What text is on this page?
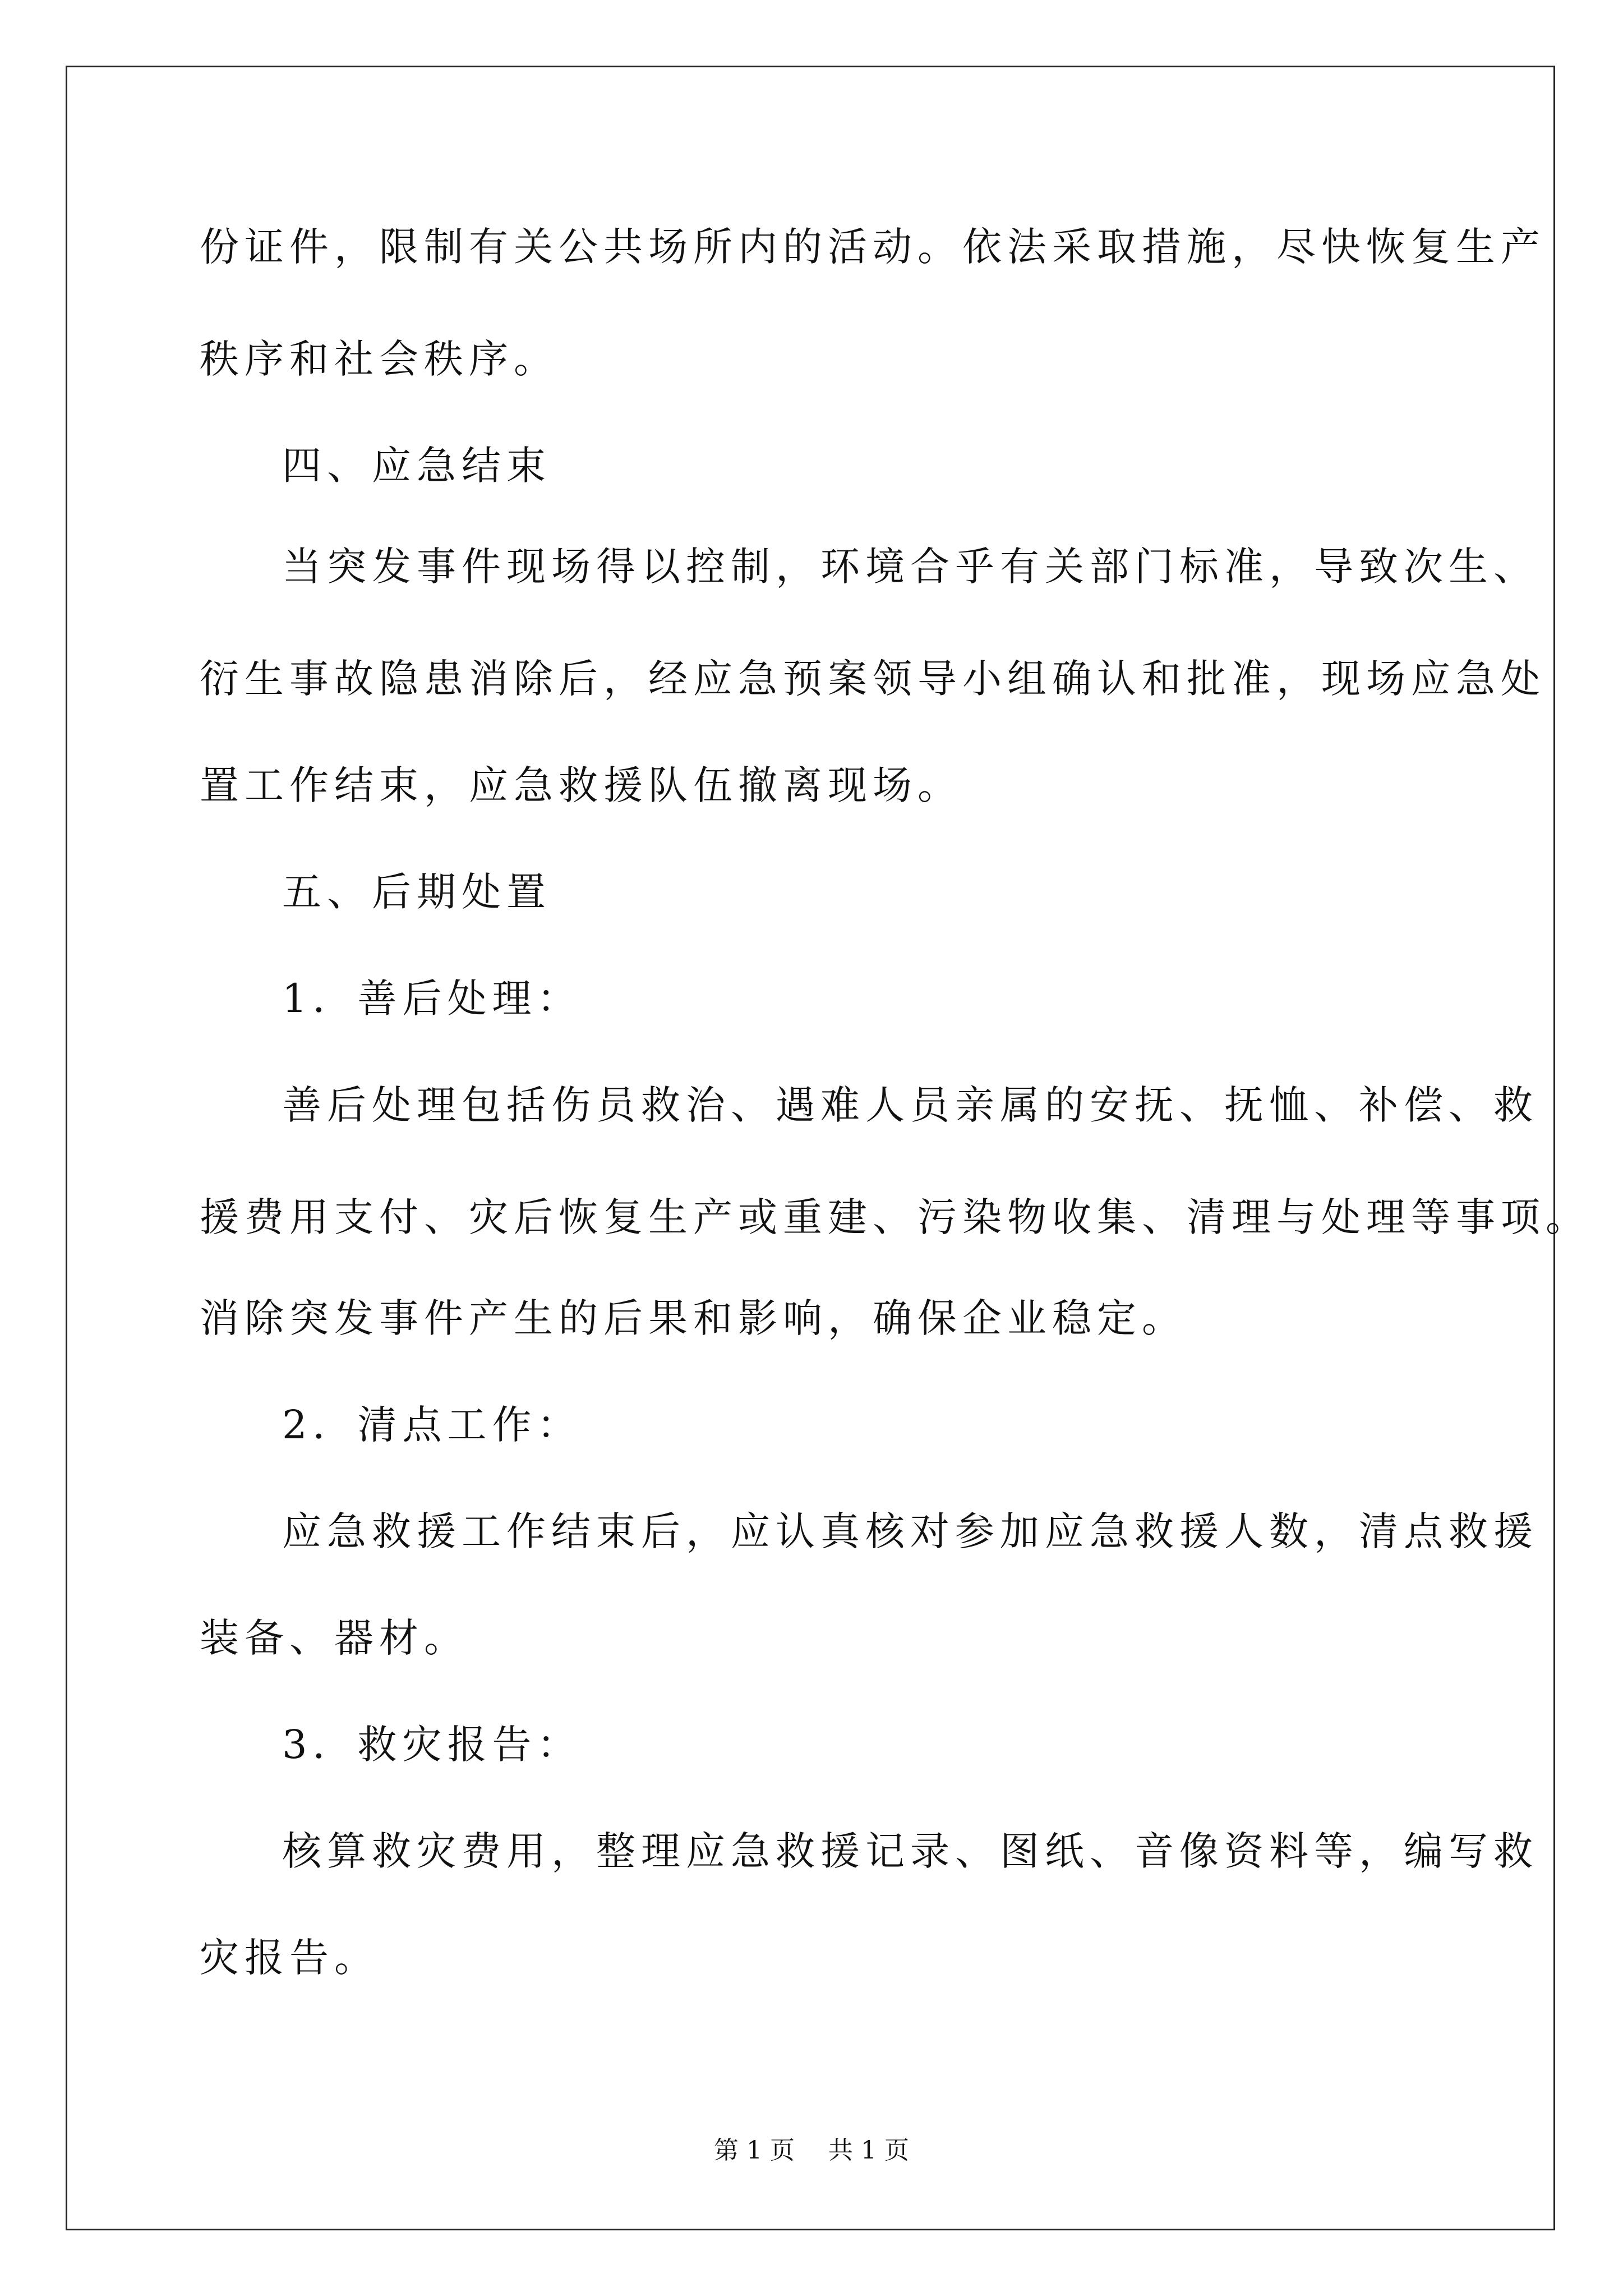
份证件，限制有关公共场所内的活动。依法采取措施，尽快恢复生产
秩序和社会秩序。
四、应急结束
当突发事件现场得以控制，环境合乎有关部门标准，导致次生、
衍生事故隐患消除后，经应急预案领导小组确认和批准，现场应急处
置工作结束，应急救援队伍撤离现场。
五、后期处置
1．善后处理：
善后处理包括伤员救治、遇难人员亲属的安抚、抚恤、补偿、救
援费用支付、灾后恢复生产或重建、污染物收集、清理与处理等事项。
消除突发事件产生的后果和影响，确保企业稳定。
2．清点工作：
应急救援工作结束后，应认真核对参加应急救援人数，清点救援
装备、器材。
3．救灾报告：
核算救灾费用，整理应急救援记录、图纸、音像资料等，编写救
灾报告。
第 1 页 共 1 页
